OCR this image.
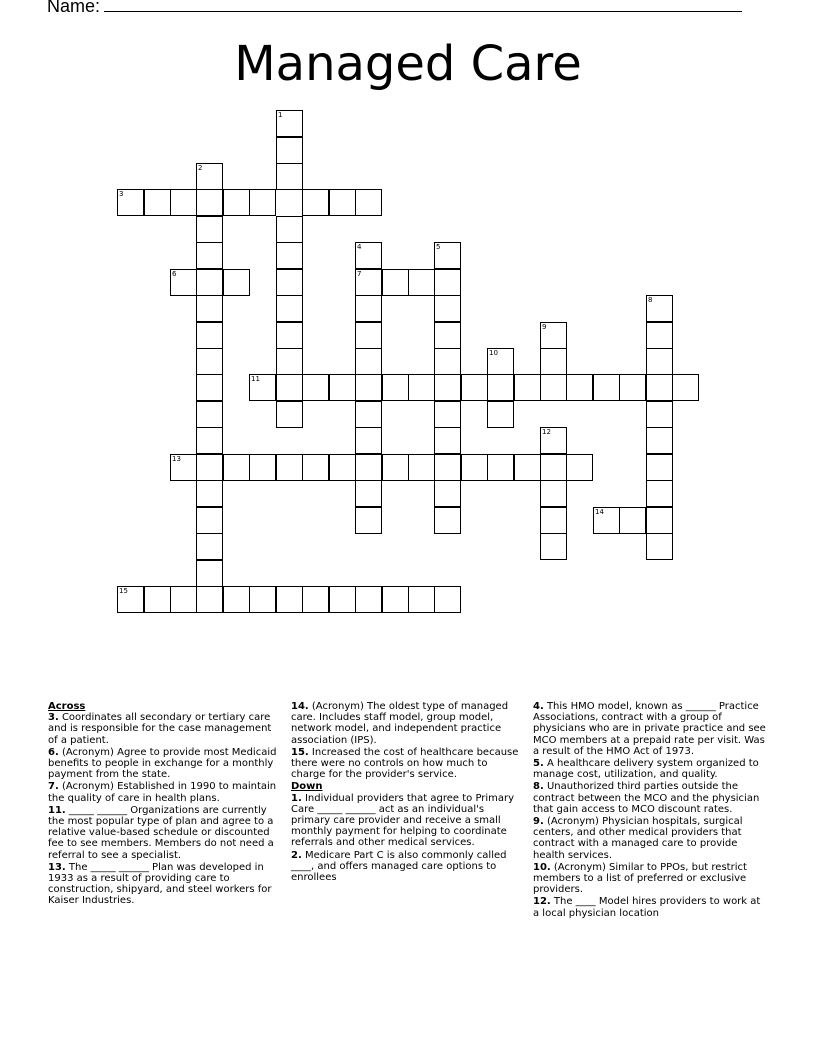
Name:
Managed Care
1
2
3
4	5
6	7
8
9
10
11
12
13
14
15
Across
3. Coordinates all secondary or tertiary care and is responsible for the case management of a patient.
6. (Acronym) Agree to provide most Medicaid benefits to people in exchange for a monthly payment from the state.
7. (Acronym) Established in 1990 to maintain the quality of care in health plans.
11. _____ ______ Organizations are currently the most popular type of plan and agree to a relative value-based schedule or discounted fee to see members. Members do not need a referral to see a specialist.
13. The _____ ______ Plan was developed in 1933 as a result of providing care to construction, shipyard, and steel workers for Kaiser Industries.
14. (Acronym) The oldest type of managed care. Includes staff model, group model, network model, and independent practice association (IPS).
15. Increased the cost of healthcare because there were no controls on how much to charge for the provider's service.
Down
1. Individual providers that agree to Primary Care _____ ______ act as an individual's primary care provider and receive a small monthly payment for helping to coordinate referrals and other medical services.
2. Medicare Part C is also commonly called ____, and offers managed care options to enrollees
4. This HMO model, known as ______ Practice Associations, contract with a group of physicians who are in private practice and see MCO members at a prepaid rate per visit. Was a result of the HMO Act of 1973.
5. A healthcare delivery system organized to manage cost, utilization, and quality.
8. Unauthorized third parties outside the contract between the MCO and the physician that gain access to MCO discount rates.
9. (Acronym) Physician hospitals, surgical centers, and other medical providers that contract with a managed care to provide health services.
10. (Acronym) Similar to PPOs, but restrict members to a list of preferred or exclusive providers.
12. The ____ Model hires providers to work at a local physician location
